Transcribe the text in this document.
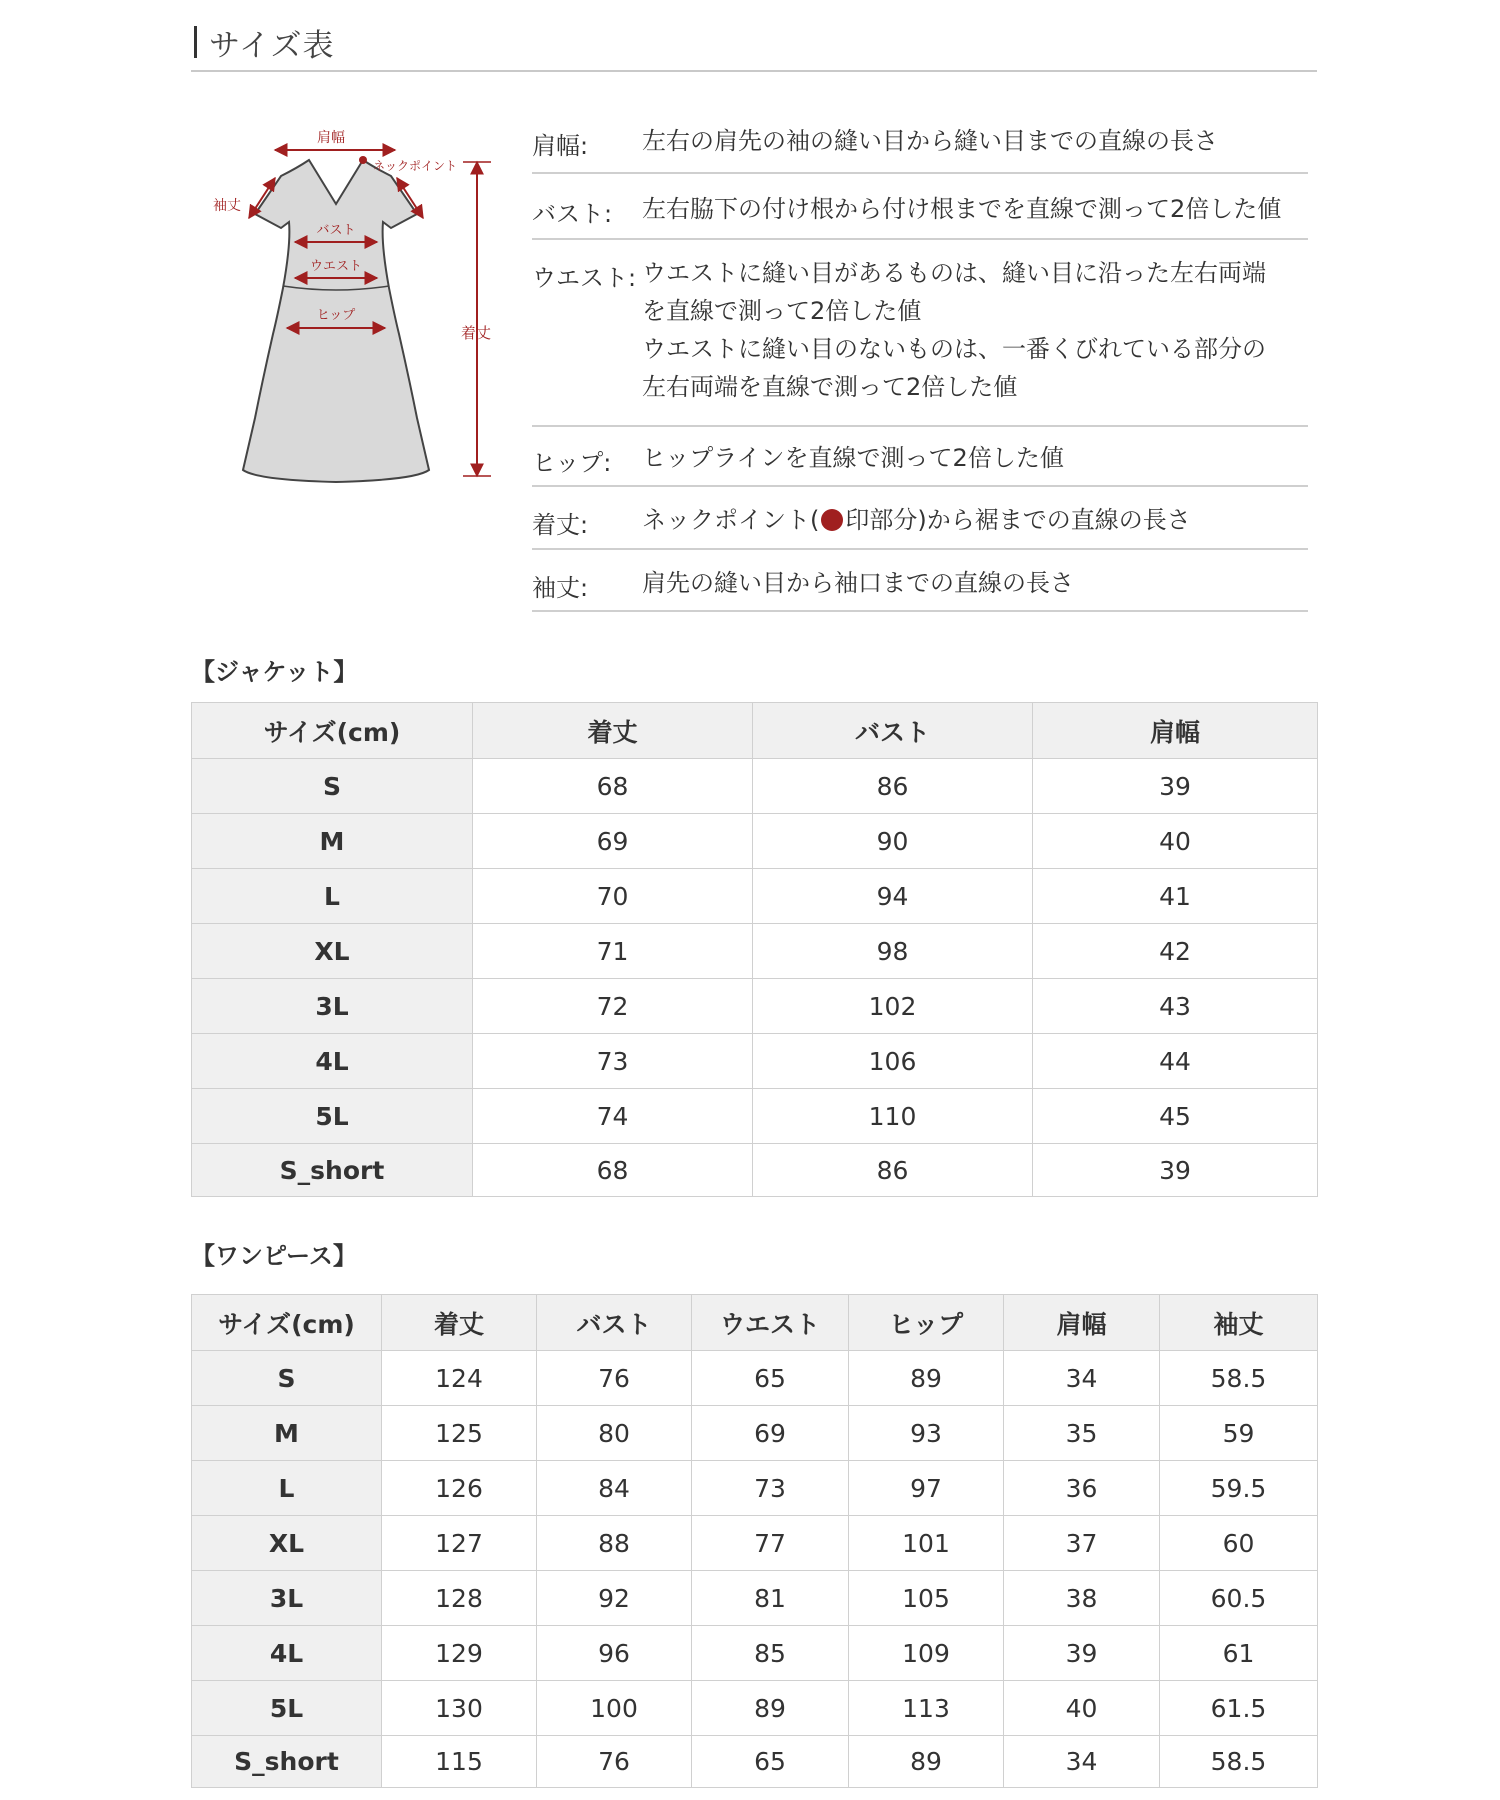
サイズ表
肩幅
ネックポイント
袖丈
バスト
ウエスト
ヒップ
着丈
肩幅: 左右の肩先の袖の縫い目から縫い目までの直線の長さ
バスト: 左右脇下の付け根から付け根までを直線で測って2倍した値
ウエスト: ウエストに縫い目があるものは、縫い目に沿った左右両端
を直線で測って2倍した値
ウエストに縫い目のないものは、一番くびれている部分の
左右両端を直線で測って2倍した値
ヒップ: ヒップラインを直線で測って2倍した値
着丈: ネックポイント( 印部分)から裾までの直線の長さ
袖丈: 肩先の縫い目から袖口までの直線の長さ
【ジャケット】
サイズ(cm)	着丈	バスト	肩幅
S	68	86	39
M	69	90	40
L	70	94	41
XL	71	98	42
3L	72	102	43
4L	73	106	44
5L	74	110	45
S_short	68	86	39
【ワンピース】
サイズ(cm)	着丈	バスト	ウエスト	ヒップ	肩幅	袖丈
S	124	76	65	89	34	58.5
M	125	80	69	93	35	59
L	126	84	73	97	36	59.5
XL	127	88	77	101	37	60
3L	128	92	81	105	38	60.5
4L	129	96	85	109	39	61
5L	130	100	89	113	40	61.5
S_short	115	76	65	89	34	58.5
